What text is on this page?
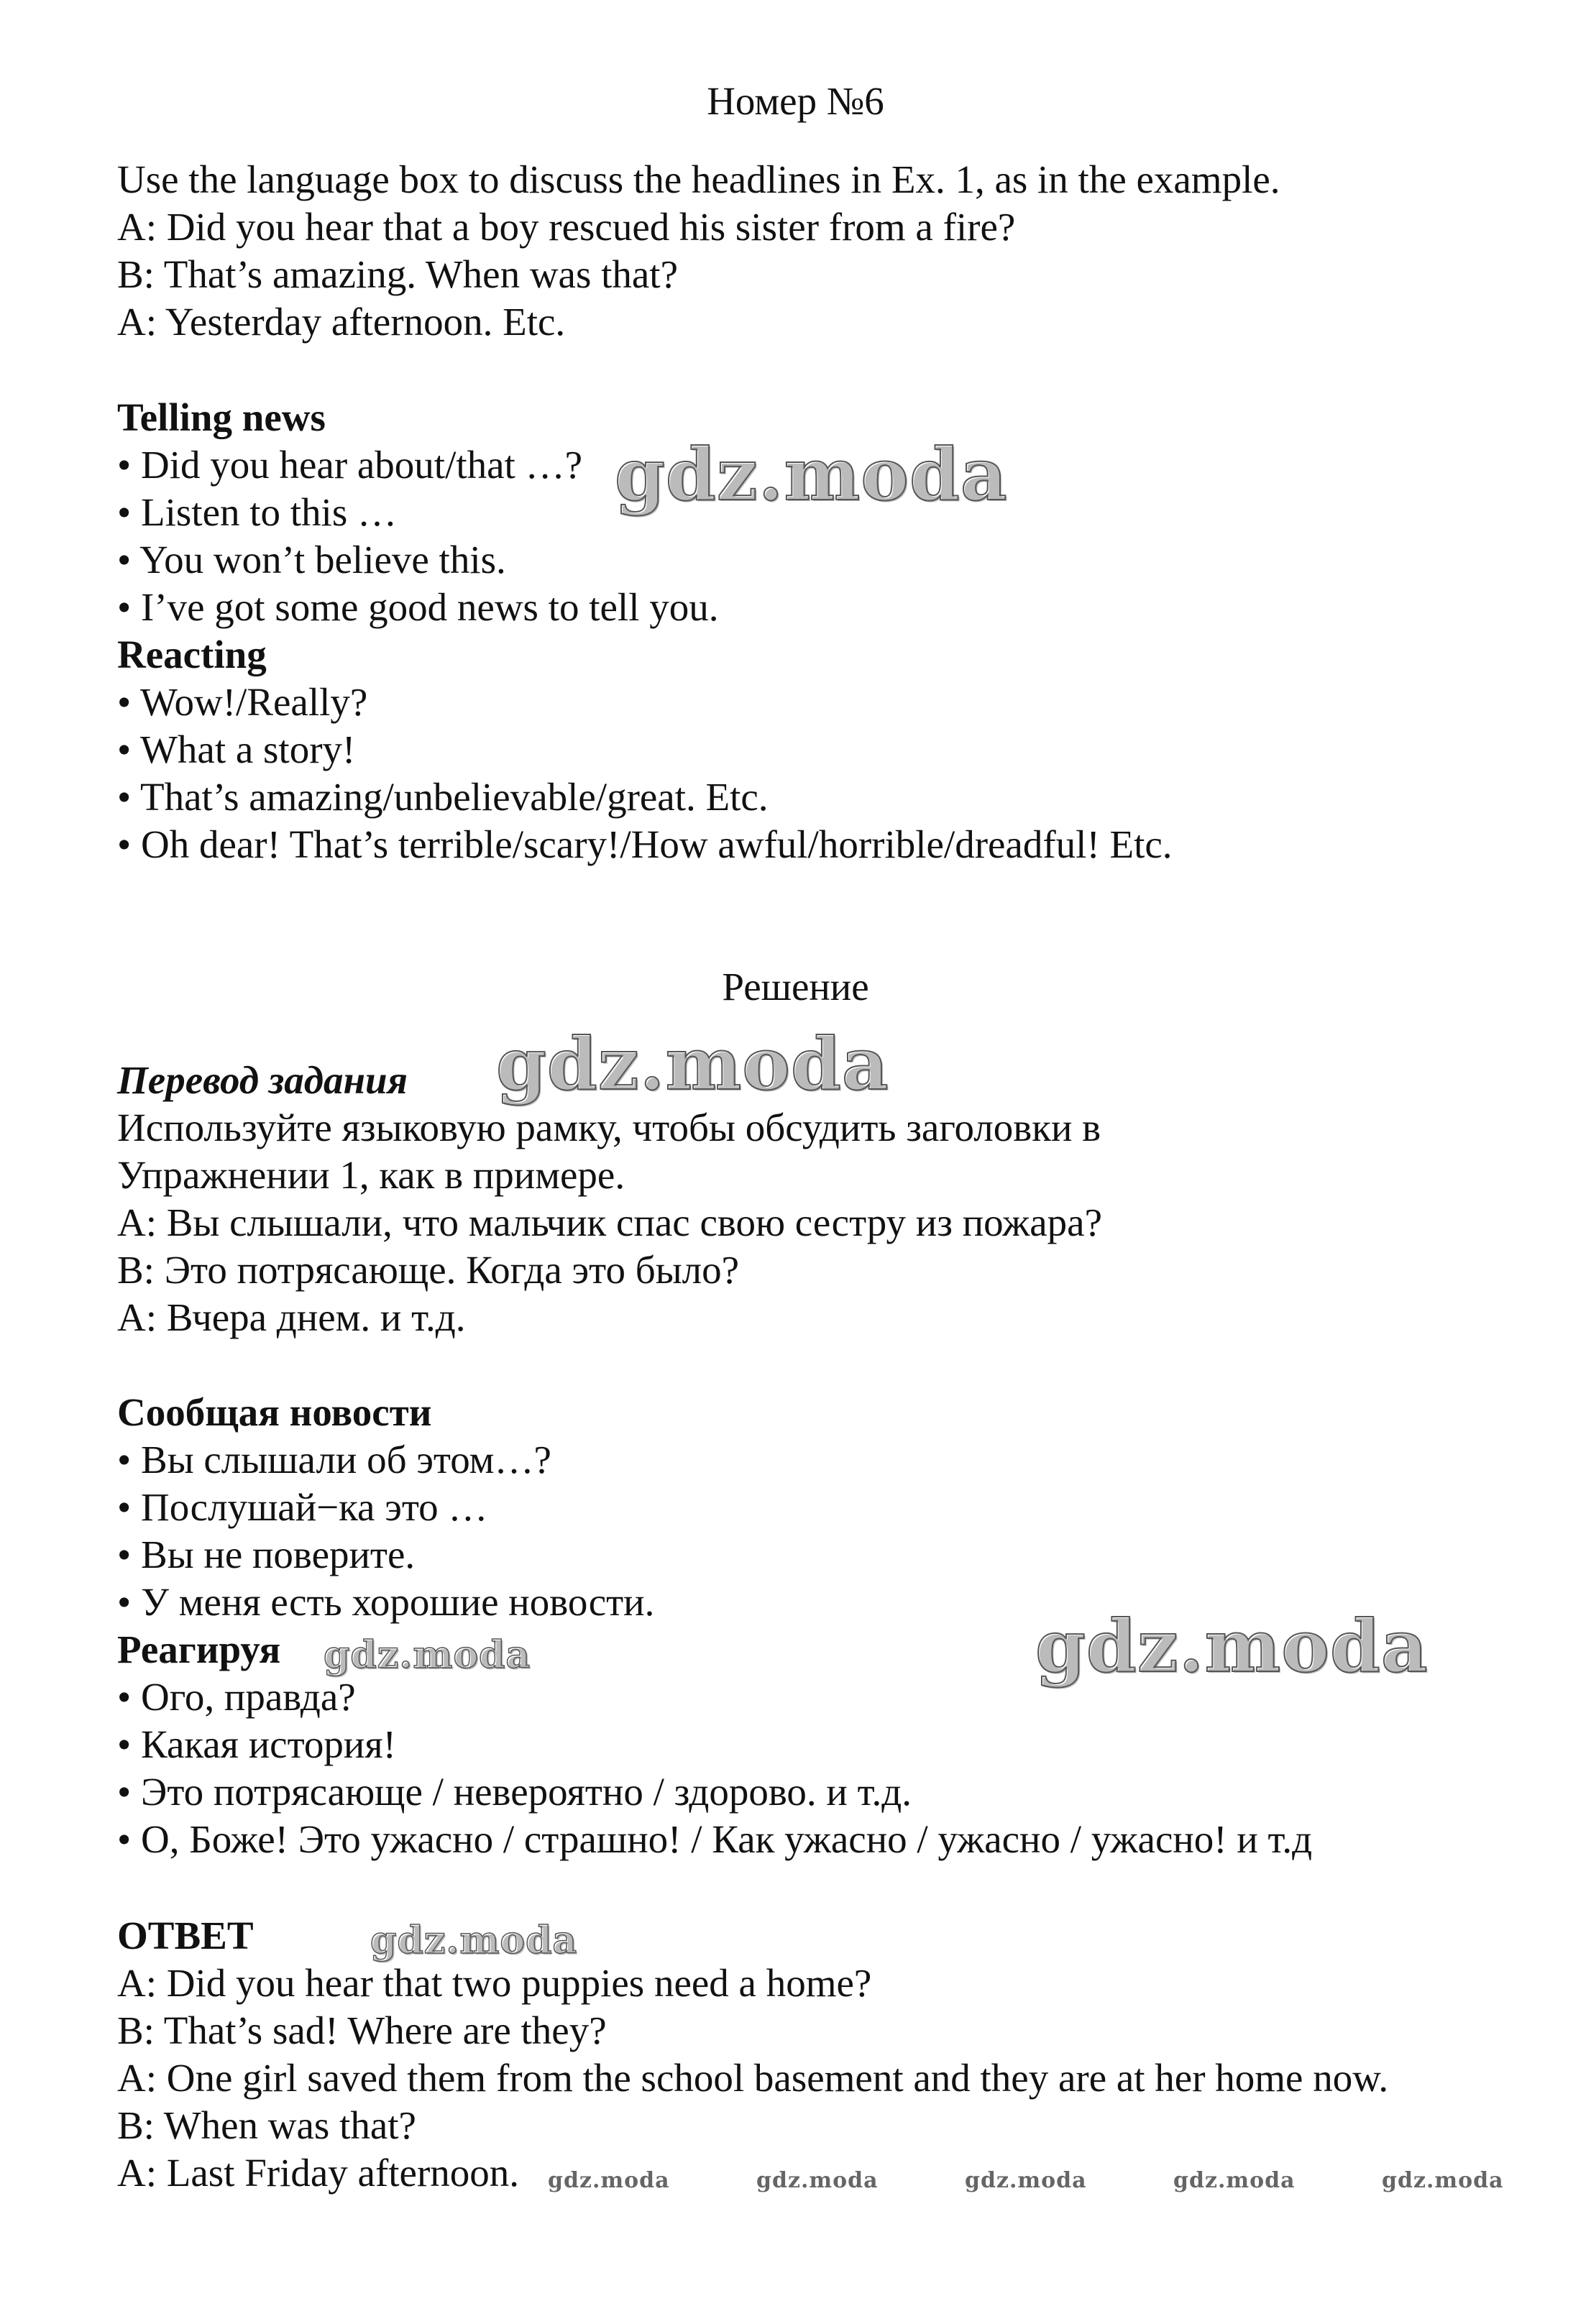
Номер №6
Use the language box to discuss the headlines in Ex. 1, as in the example.
A: Did you hear that a boy rescued his sister from a fire?
B: That’s amazing. When was that?
A: Yesterday afternoon. Etc.
Telling news
• Did you hear about/that …?
• Listen to this …
• You won’t believe this.
• I’ve got some good news to tell you.
Reacting
• Wow!/Really?
• What a story!
• That’s amazing/unbelievable/great. Etc.
• Oh dear! That’s terrible/scary!/How awful/horrible/dreadful! Etc.
Решение
Перевод задания
Используйте языковую рамку, чтобы обсудить заголовки в
Упражнении 1, как в примере.
A: Вы слышали, что мальчик спас свою сестру из пожара?
B: Это потрясающе. Когда это было?
A: Вчера днем. и т.д.
Сообщая новости
• Вы слышали об этом…?
• Послушай−ка это …
• Вы не поверите.
• У меня есть хорошие новости.
Реагируя
• Ого, правда?
• Какая история!
• Это потрясающе / невероятно / здорово. и т.д.
• О, Боже! Это ужасно / страшно! / Как ужасно / ужасно / ужасно! и т.д
ОТВЕТ
A: Did you hear that two puppies need a home?
B: That’s sad! Where are they?
A: One girl saved them from the school basement and they are at her home now.
B: When was that?
A: Last Friday afternoon.
gdz.moda
gdz.moda
gdz.moda
gdz.moda
gdz.moda
gdz.moda	gdz.moda	gdz.moda	gdz.moda	gdz.moda
